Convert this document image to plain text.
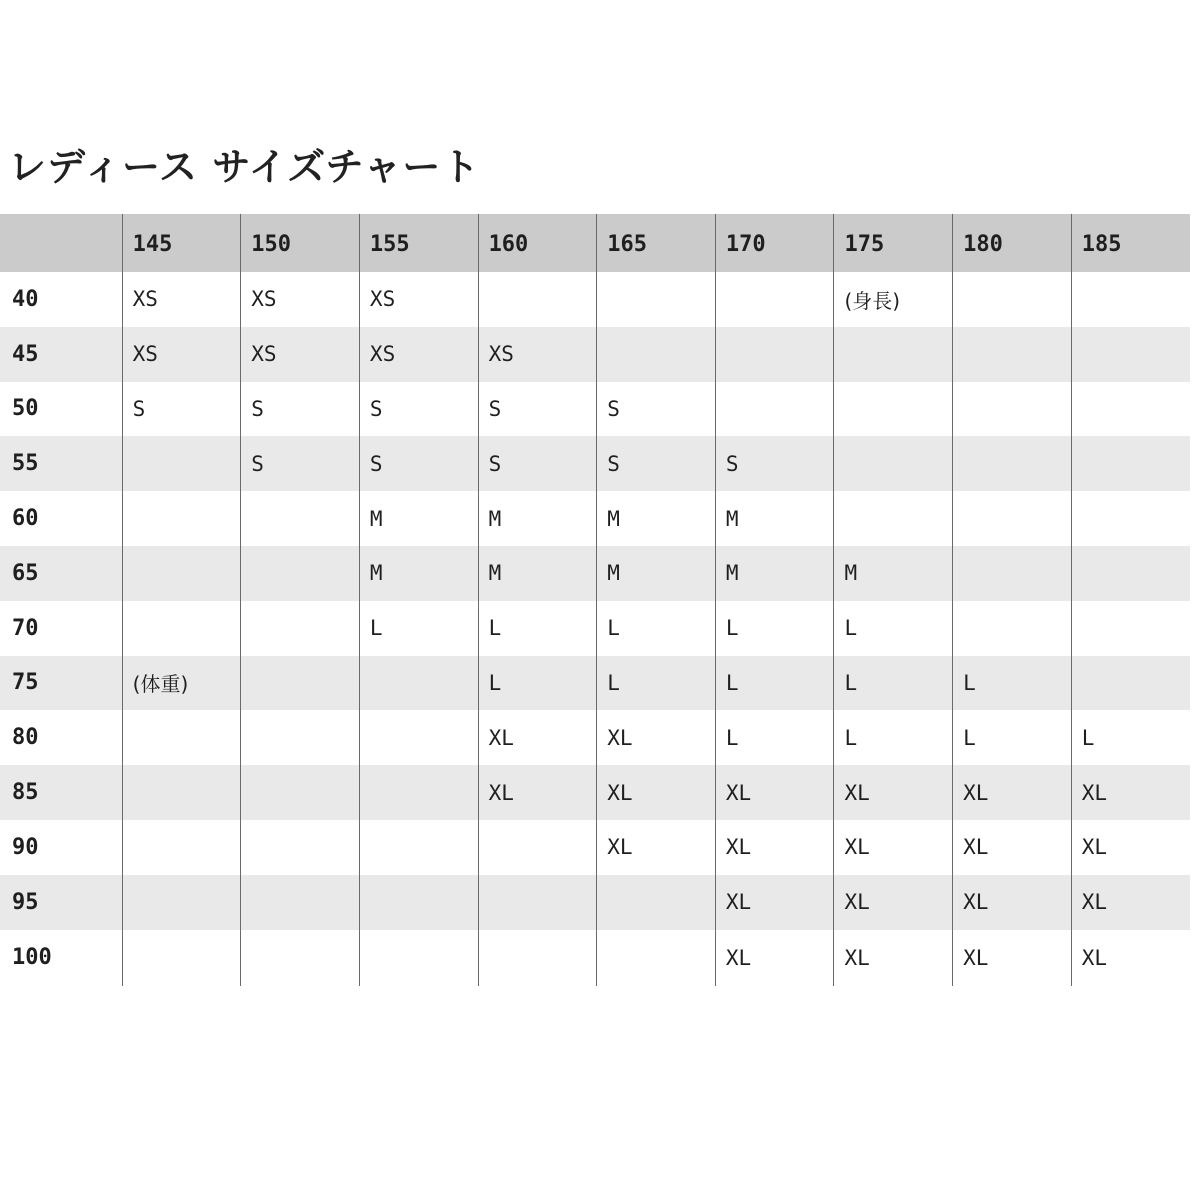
レディース サイズチャート
	145	150	155	160	165	170	175	180	185
40	XS	XS	XS				(身長)		
45	XS	XS	XS	XS					
50	S	S	S	S	S				
55		S	S	S	S	S			
60			M	M	M	M			
65			M	M	M	M	M		
70			L	L	L	L	L		
75	(体重)			L	L	L	L	L	
80				XL	XL	L	L	L	L
85				XL	XL	XL	XL	XL	XL
90					XL	XL	XL	XL	XL
95						XL	XL	XL	XL
100						XL	XL	XL	XL
